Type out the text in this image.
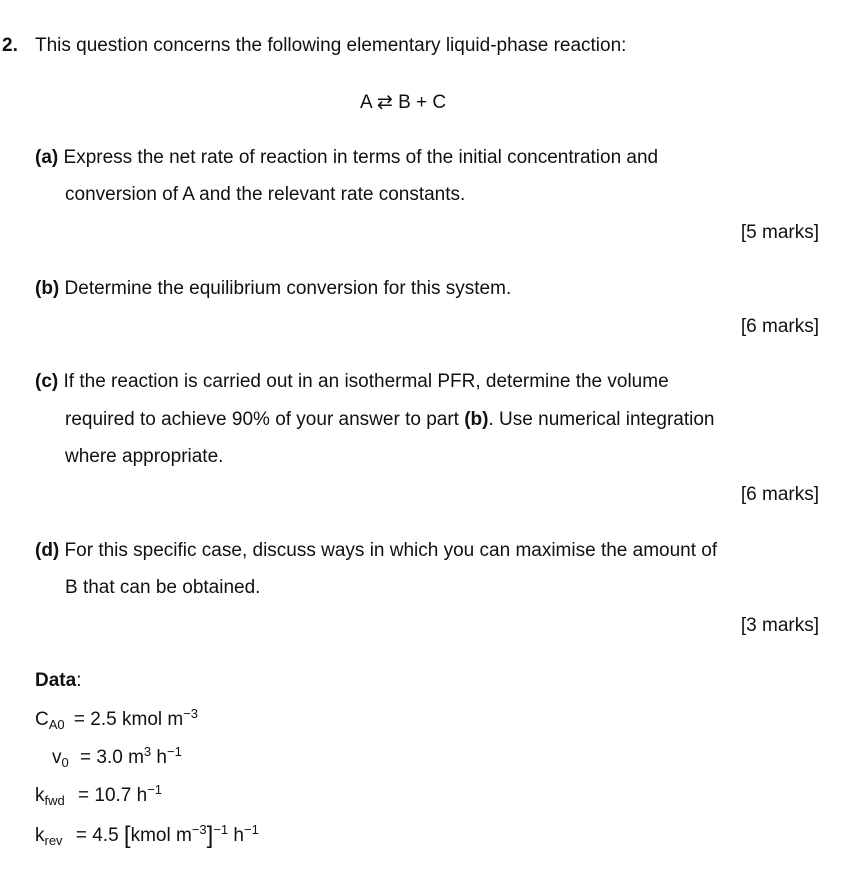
2. This question concerns the following elementary liquid-phase reaction:
A ⇄ B + C
(a) Express the net rate of reaction in terms of the initial concentration and
conversion of A and the relevant rate constants.
[5 marks]
(b) Determine the equilibrium conversion for this system.
[6 marks]
(c) If the reaction is carried out in an isothermal PFR, determine the volume
required to achieve 90% of your answer to part (b). Use numerical integration
where appropriate.
[6 marks]
(d) For this specific case, discuss ways in which you can maximise the amount of
B that can be obtained.
[3 marks]
Data:
$C_{A0} = 2.5$ kmol $m^{-3}$
$v_0 = 3.0$ $m^3$ $h^{-1}$
$k_{fwd} = 10.7$ $h^{-1}$
$k_{rev} = 4.5$ [kmol $m^{-3}]^{-1}$ $h^{-1}$
